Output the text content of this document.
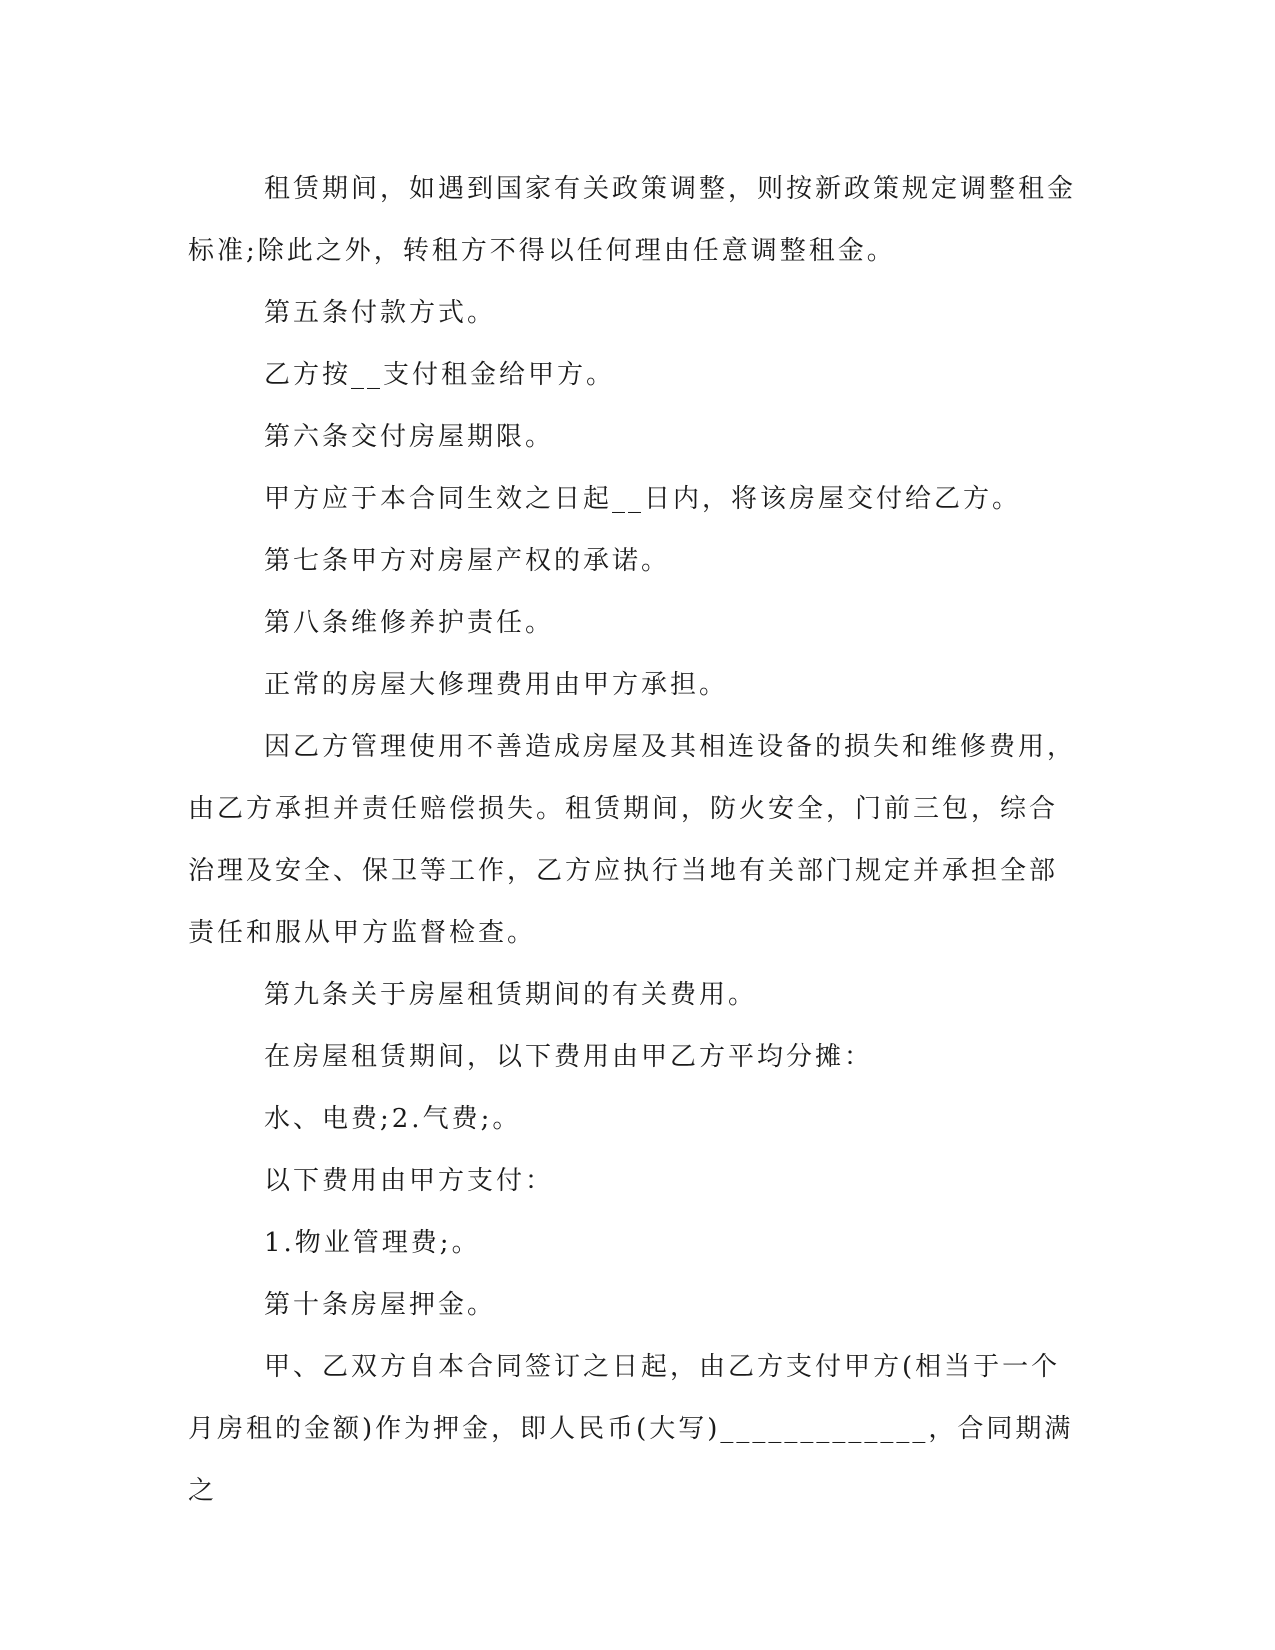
租赁期间，如遇到国家有关政策调整，则按新政策规定调整租金标准;除此之外，转租方不得以任何理由任意调整租金。

第五条付款方式。

乙方按__支付租金给甲方。

第六条交付房屋期限。

甲方应于本合同生效之日起__日内，将该房屋交付给乙方。

第七条甲方对房屋产权的承诺。

第八条维修养护责任。

正常的房屋大修理费用由甲方承担。

因乙方管理使用不善造成房屋及其相连设备的损失和维修费用，由乙方承担并责任赔偿损失。租赁期间，防火安全，门前三包，综合治理及安全、保卫等工作，乙方应执行当地有关部门规定并承担全部责任和服从甲方监督检查。

第九条关于房屋租赁期间的有关费用。

在房屋租赁期间，以下费用由甲乙方平均分摊：

水、电费;2.气费;。

以下费用由甲方支付：

1.物业管理费;。

第十条房屋押金。

甲、乙双方自本合同签订之日起，由乙方支付甲方(相当于一个月房租的金额)作为押金，即人民币(大写)_____________，合同期满之
